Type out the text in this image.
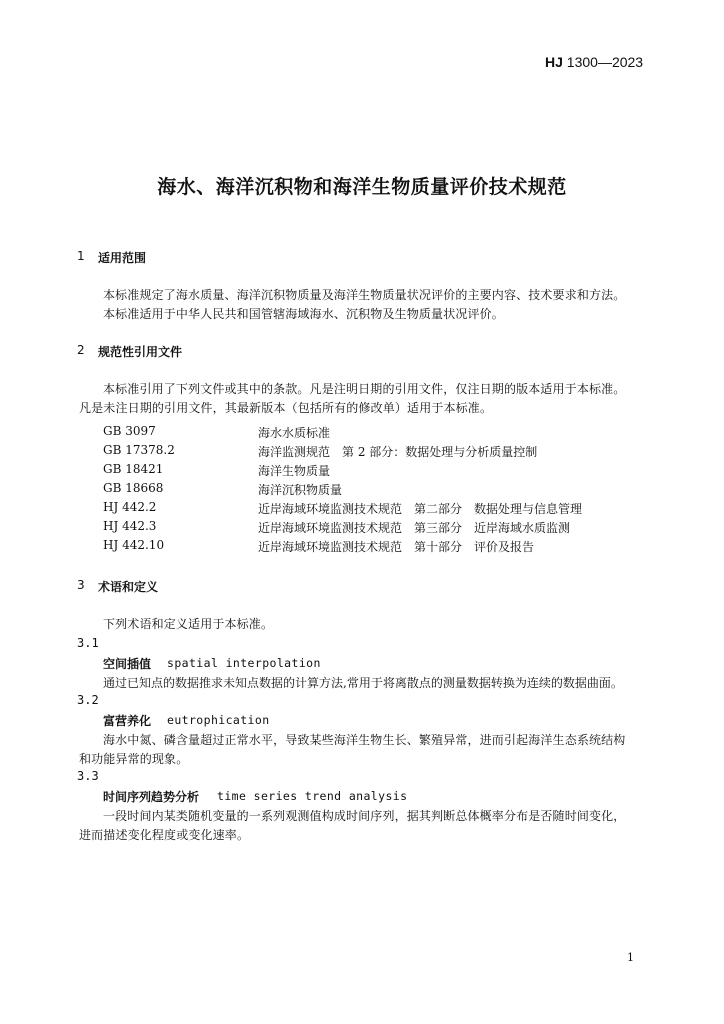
HJ 1300—2023
海水、海洋沉积物和海洋生物质量评价技术规范
1 适用范围
本标准规定了海水质量、海洋沉积物质量及海洋生物质量状况评价的主要内容、技术要求和方法。
本标准适用于中华人民共和国管辖海域海水、沉积物及生物质量状况评价。
2 规范性引用文件
本标准引用了下列文件或其中的条款。凡是注明日期的引用文件，仅注日期的版本适用于本标准。
凡是未注日期的引用文件，其最新版本（包括所有的修改单）适用于本标准。
GB 3097	海水水质标准
GB 17378.2	海洋监测规范　第 2 部分：数据处理与分析质量控制
GB 18421	海洋生物质量
GB 18668	海洋沉积物质量
HJ 442.2	近岸海域环境监测技术规范　第二部分　数据处理与信息管理
HJ 442.3	近岸海域环境监测技术规范　第三部分　近岸海域水质监测
HJ 442.10	近岸海域环境监测技术规范　第十部分　评价及报告
3 术语和定义
下列术语和定义适用于本标准。
3.1
空间插值 spatial interpolation
通过已知点的数据推求未知点数据的计算方法,常用于将离散点的测量数据转换为连续的数据曲面。
3.2
富营养化 eutrophication
海水中氮、磷含量超过正常水平，导致某些海洋生物生长、繁殖异常，进而引起海洋生态系统结构
和功能异常的现象。
3.3
时间序列趋势分析 time series trend analysis
一段时间内某类随机变量的一系列观测值构成时间序列，据其判断总体概率分布是否随时间变化，
进而描述变化程度或变化速率。
1
